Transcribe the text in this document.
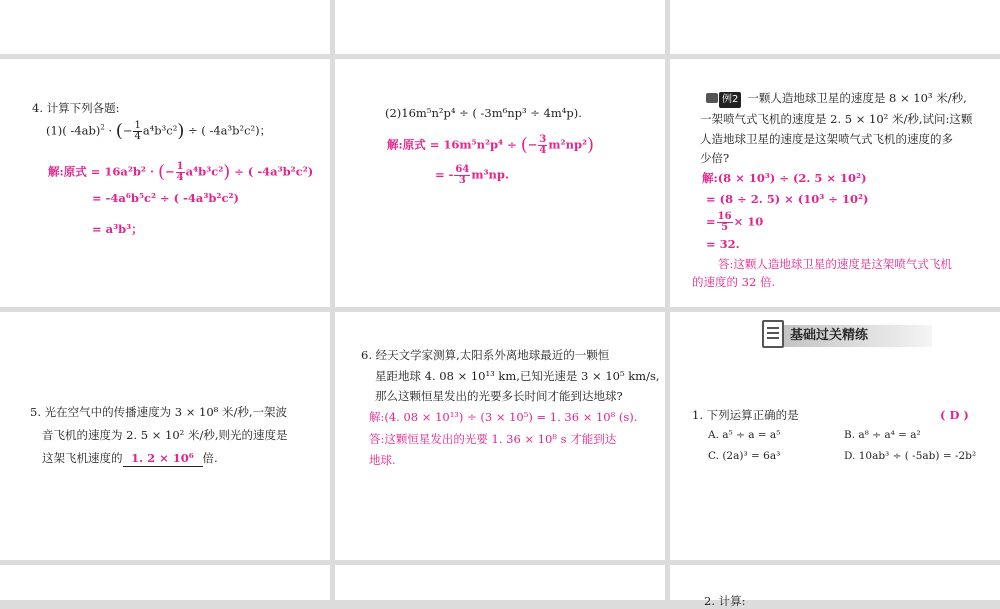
4. 计算下列各题:
(1)( -4ab)$^2$ · (− $\frac{1}{4} a^4b^3c^2$) ÷ ( -4a³b²c²)；
解:原式 = 16a²b² · (− $\frac{1}{4} a^4b^3c^2$) ÷ ( -4a³b²c²)
= -4a⁶b⁵c² ÷ ( -4a³b²c²)
= a³b³；
(2)16m⁵n²p⁴ ÷ ( -3m⁶np³ ÷ 4m⁴p).
解:原式 = 16m⁵n²p⁴ ÷ (− $\frac{3}{4} m^2np^2$)
= - $\frac{64}{3} m^3np$.
例2 一颗人造地球卫星的速度是 8 × 10³ 米/秒,
一架喷气式飞机的速度是 2. 5 × 10² 米/秒,试问:这颗
人造地球卫星的速度是这架喷气式飞机的速度的多
少倍?
解:(8 × 10³) ÷ (2. 5 × 10²)
= (8 ÷ 2. 5) × (10³ ÷ 10²)
= $\frac{16}{5} \times 10$
= 32.
答:这颗人造地球卫星的速度是这架喷气式飞机
的速度的 32 倍.
5. 光在空气中的传播速度为 3 × 10⁸ 米/秒,一架波
音飞机的速度为 2. 5 × 10² 米/秒,则光的速度是
这架飞机速度的 1. 2 × 10⁶ 倍.
6. 经天文学家测算,太阳系外离地球最近的一颗恒
星距地球 4. 08 × 10¹³ km,已知光速是 3 × 10⁵ km/s,
那么这颗恒星发出的光要多长时间才能到达地球?
解:(4. 08 × 10¹³) ÷ (3 × 10⁵) = 1. 36 × 10⁸ (s).
答:这颗恒星发出的光要 1. 36 × 10⁸ s 才能到达
地球.
基础过关精练
1. 下列运算正确的是	( D )
A. a⁵ ÷ a = a⁵	B. a⁸ ÷ a⁴ = a²
C. (2a)³ = 6a³	D. 10ab³ ÷ ( -5ab) = -2b²
2. 计算:
